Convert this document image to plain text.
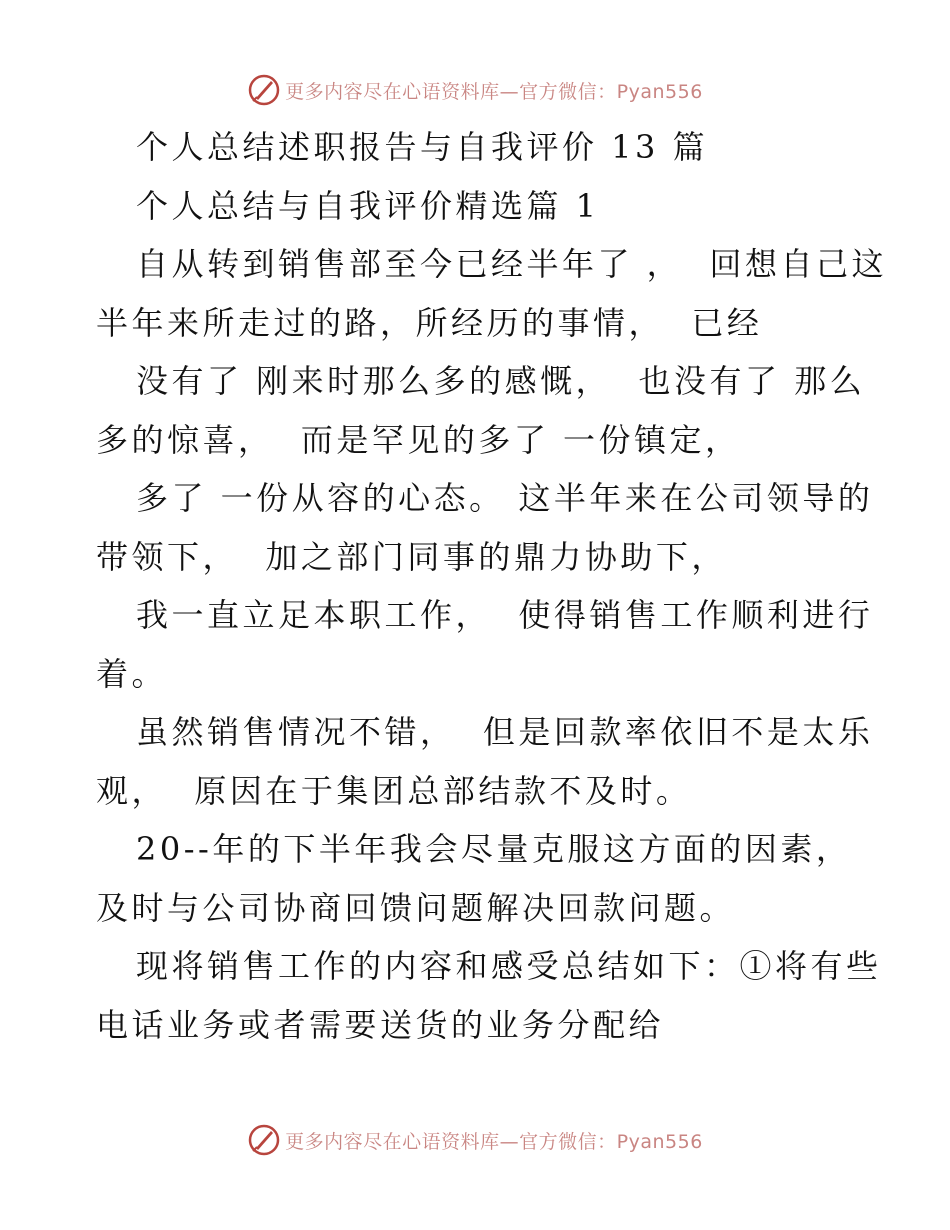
更多内容尽在心语资料库—官方微信：Pyan556
个人总结述职报告与自我评价 13 篇
个人总结与自我评价精选篇 1
自从转到销售部至今已经半年了 ，  回想自己这
半年来所走过的路，所经历的事情，  已经
没有了 刚来时那么多的感慨，  也没有了 那么
多的惊喜，  而是罕见的多了 一份镇定，
多了 一份从容的心态。 这半年来在公司领导的
带领下，  加之部门同事的鼎力协助下，
我一直立足本职工作，  使得销售工作顺利进行
着。
虽然销售情况不错，  但是回款率依旧不是太乐
观，  原因在于集团总部结款不及时。
20--年的下半年我会尽量克服这方面的因素，
及时与公司协商回馈问题解决回款问题。
现将销售工作的内容和感受总结如下：①将有些
电话业务或者需要送货的业务分配给
更多内容尽在心语资料库—官方微信：Pyan556
